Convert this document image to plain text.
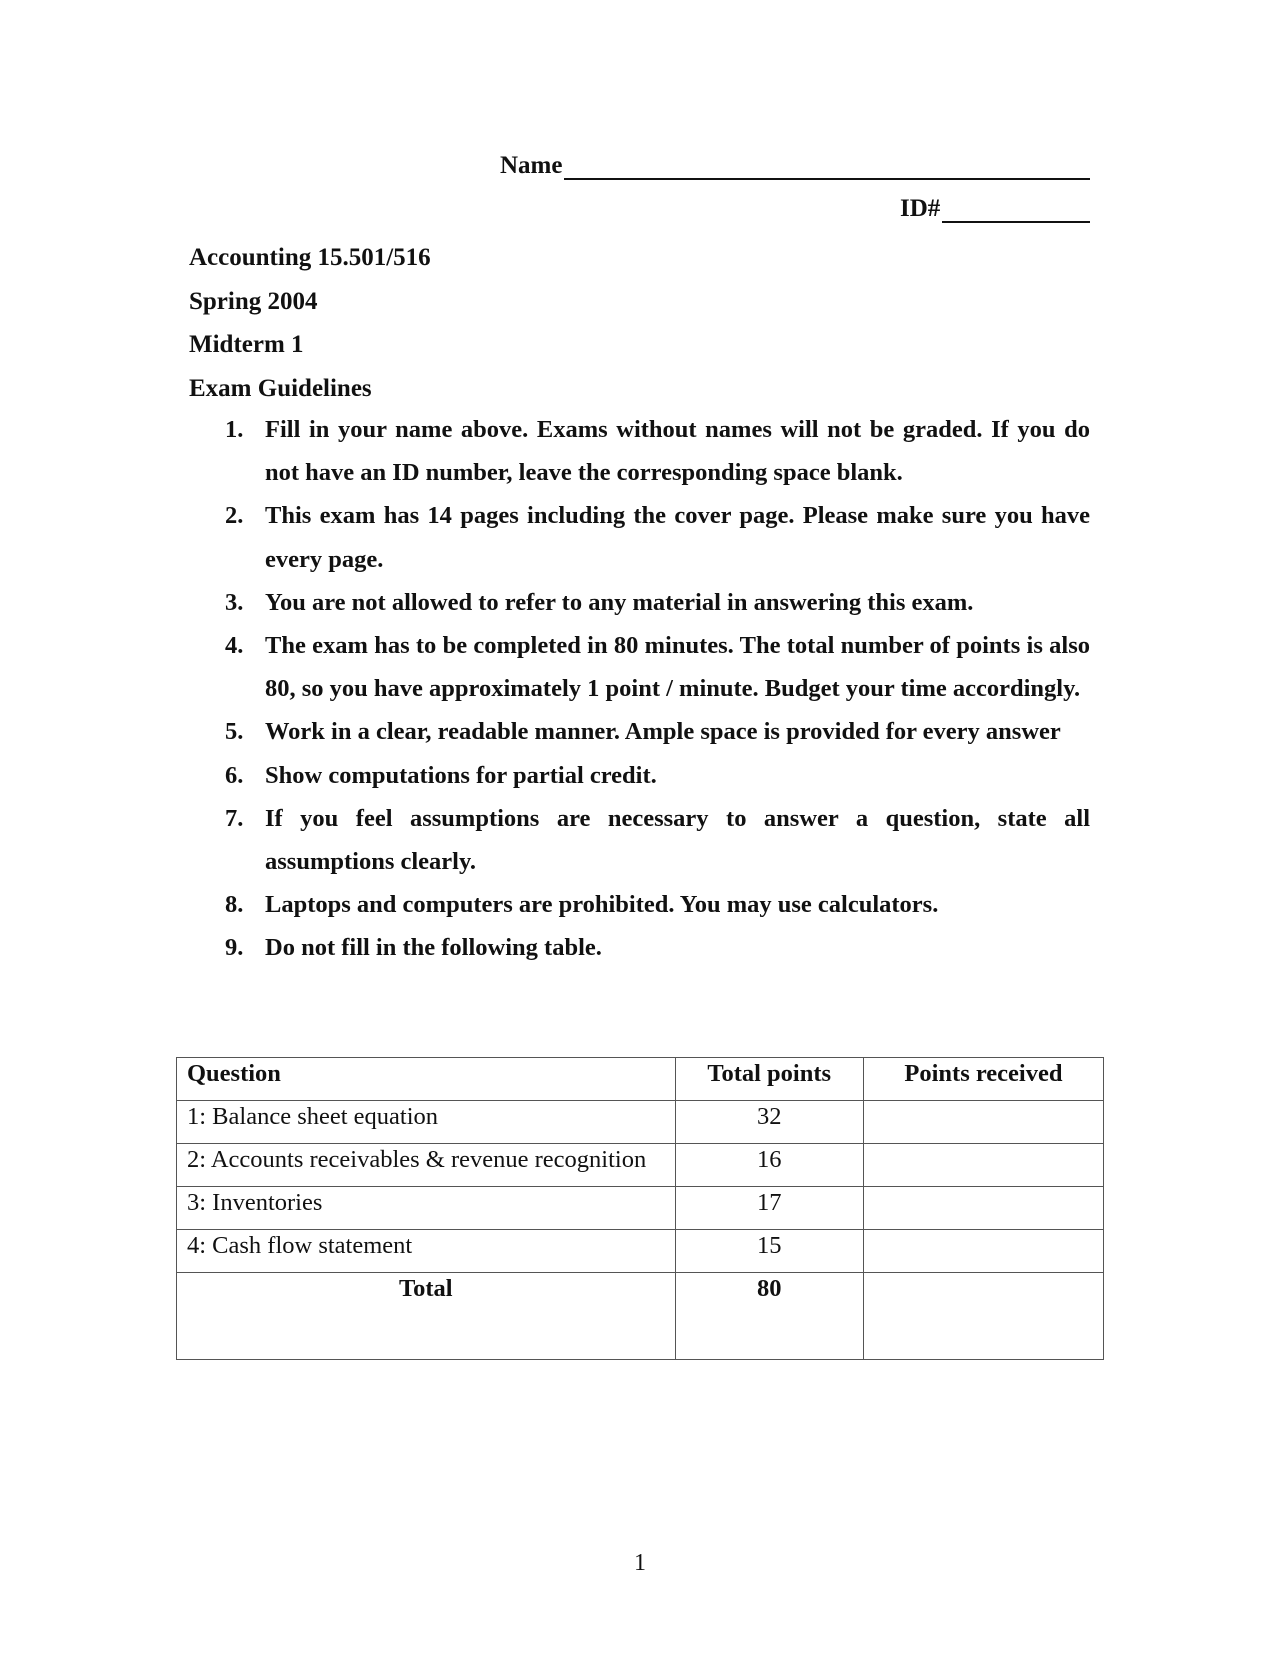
Name
ID#
Accounting 15.501/516
Spring 2004
Midterm 1
Exam Guidelines
1. Fill in your name above. Exams without names will not be graded. If you do not have an ID number, leave the corresponding space blank.
2. This exam has 14 pages including the cover page. Please make sure you have every page.
3. You are not allowed to refer to any material in answering this exam.
4. The exam has to be completed in 80 minutes. The total number of points is also 80, so you have approximately 1 point / minute. Budget your time accordingly.
5. Work in a clear, readable manner. Ample space is provided for every answer
6. Show computations for partial credit.
7. If you feel assumptions are necessary to answer a question, state all assumptions clearly.
8. Laptops and computers are prohibited. You may use calculators.
9. Do not fill in the following table.
Question	Total points	Points received
1: Balance sheet equation	32	
2: Accounts receivables & revenue recognition	16	
3: Inventories	17	
4: Cash flow statement	15	
Total	80	
1
